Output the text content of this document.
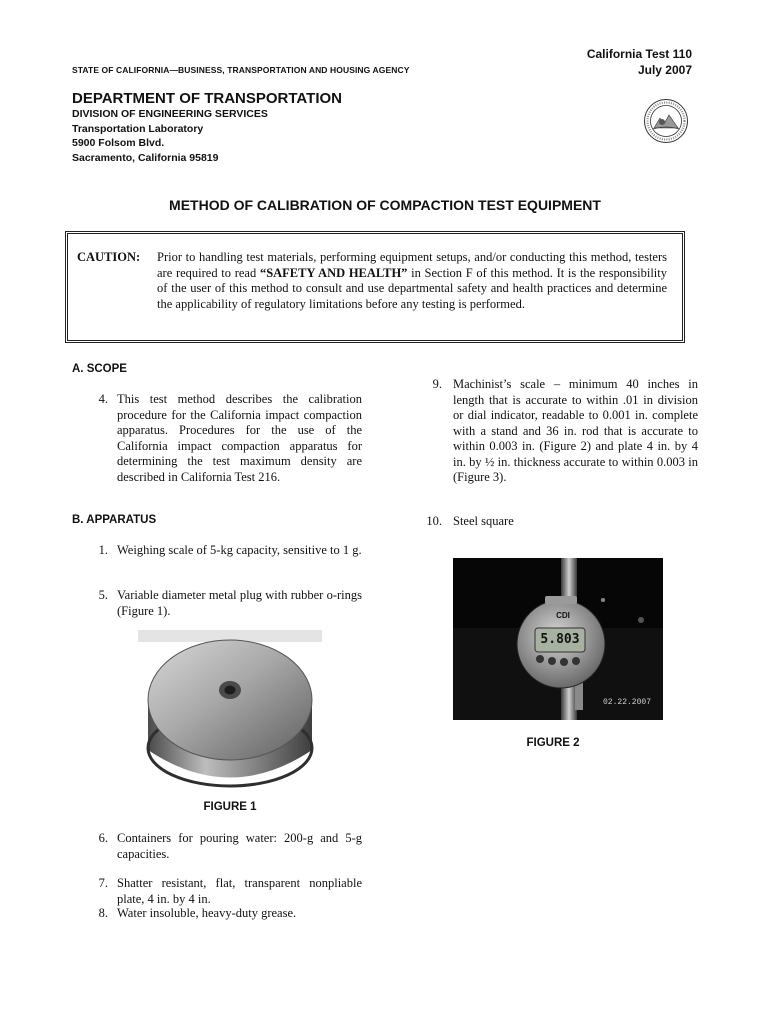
California Test 110
July 2007
STATE OF CALIFORNIA—BUSINESS, TRANSPORTATION AND HOUSING AGENCY
DEPARTMENT OF TRANSPORTATION
DIVISION OF ENGINEERING SERVICES
Transportation Laboratory
5900 Folsom Blvd.
Sacramento, California 95819
METHOD OF CALIBRATION OF COMPACTION TEST EQUIPMENT
CAUTION: Prior to handling test materials, performing equipment setups, and/or conducting this method, testers are required to read “SAFETY AND HEALTH” in Section F of this method. It is the responsibility of the user of this method to consult and use departmental safety and health practices and determine the applicability of regulatory limitations before any testing is performed.
A. SCOPE
4. This test method describes the calibration procedure for the California impact compaction apparatus. Procedures for the use of the California impact compaction apparatus for determining the test maximum density are described in California Test 216.
B. APPARATUS
1. Weighing scale of 5-kg capacity, sensitive to 1 g.
5. Variable diameter metal plug with rubber o-rings (Figure 1).
FIGURE 1
6. Containers for pouring water: 200-g and 5-g capacities.
7. Shatter resistant, flat, transparent nonpliable plate, 4 in. by 4 in.
8. Water insoluble, heavy-duty grease.
9. Machinist’s scale – minimum 40 inches in length that is accurate to within .01 in division or dial indicator, readable to 0.001 in. complete with a stand and 36 in. rod that is accurate to within 0.003 in. (Figure 2) and plate 4 in. by 4 in. by ½ in. thickness accurate to within 0.003 in (Figure 3).
10. Steel square
CDI
5.803
02.22.2007
FIGURE 2
